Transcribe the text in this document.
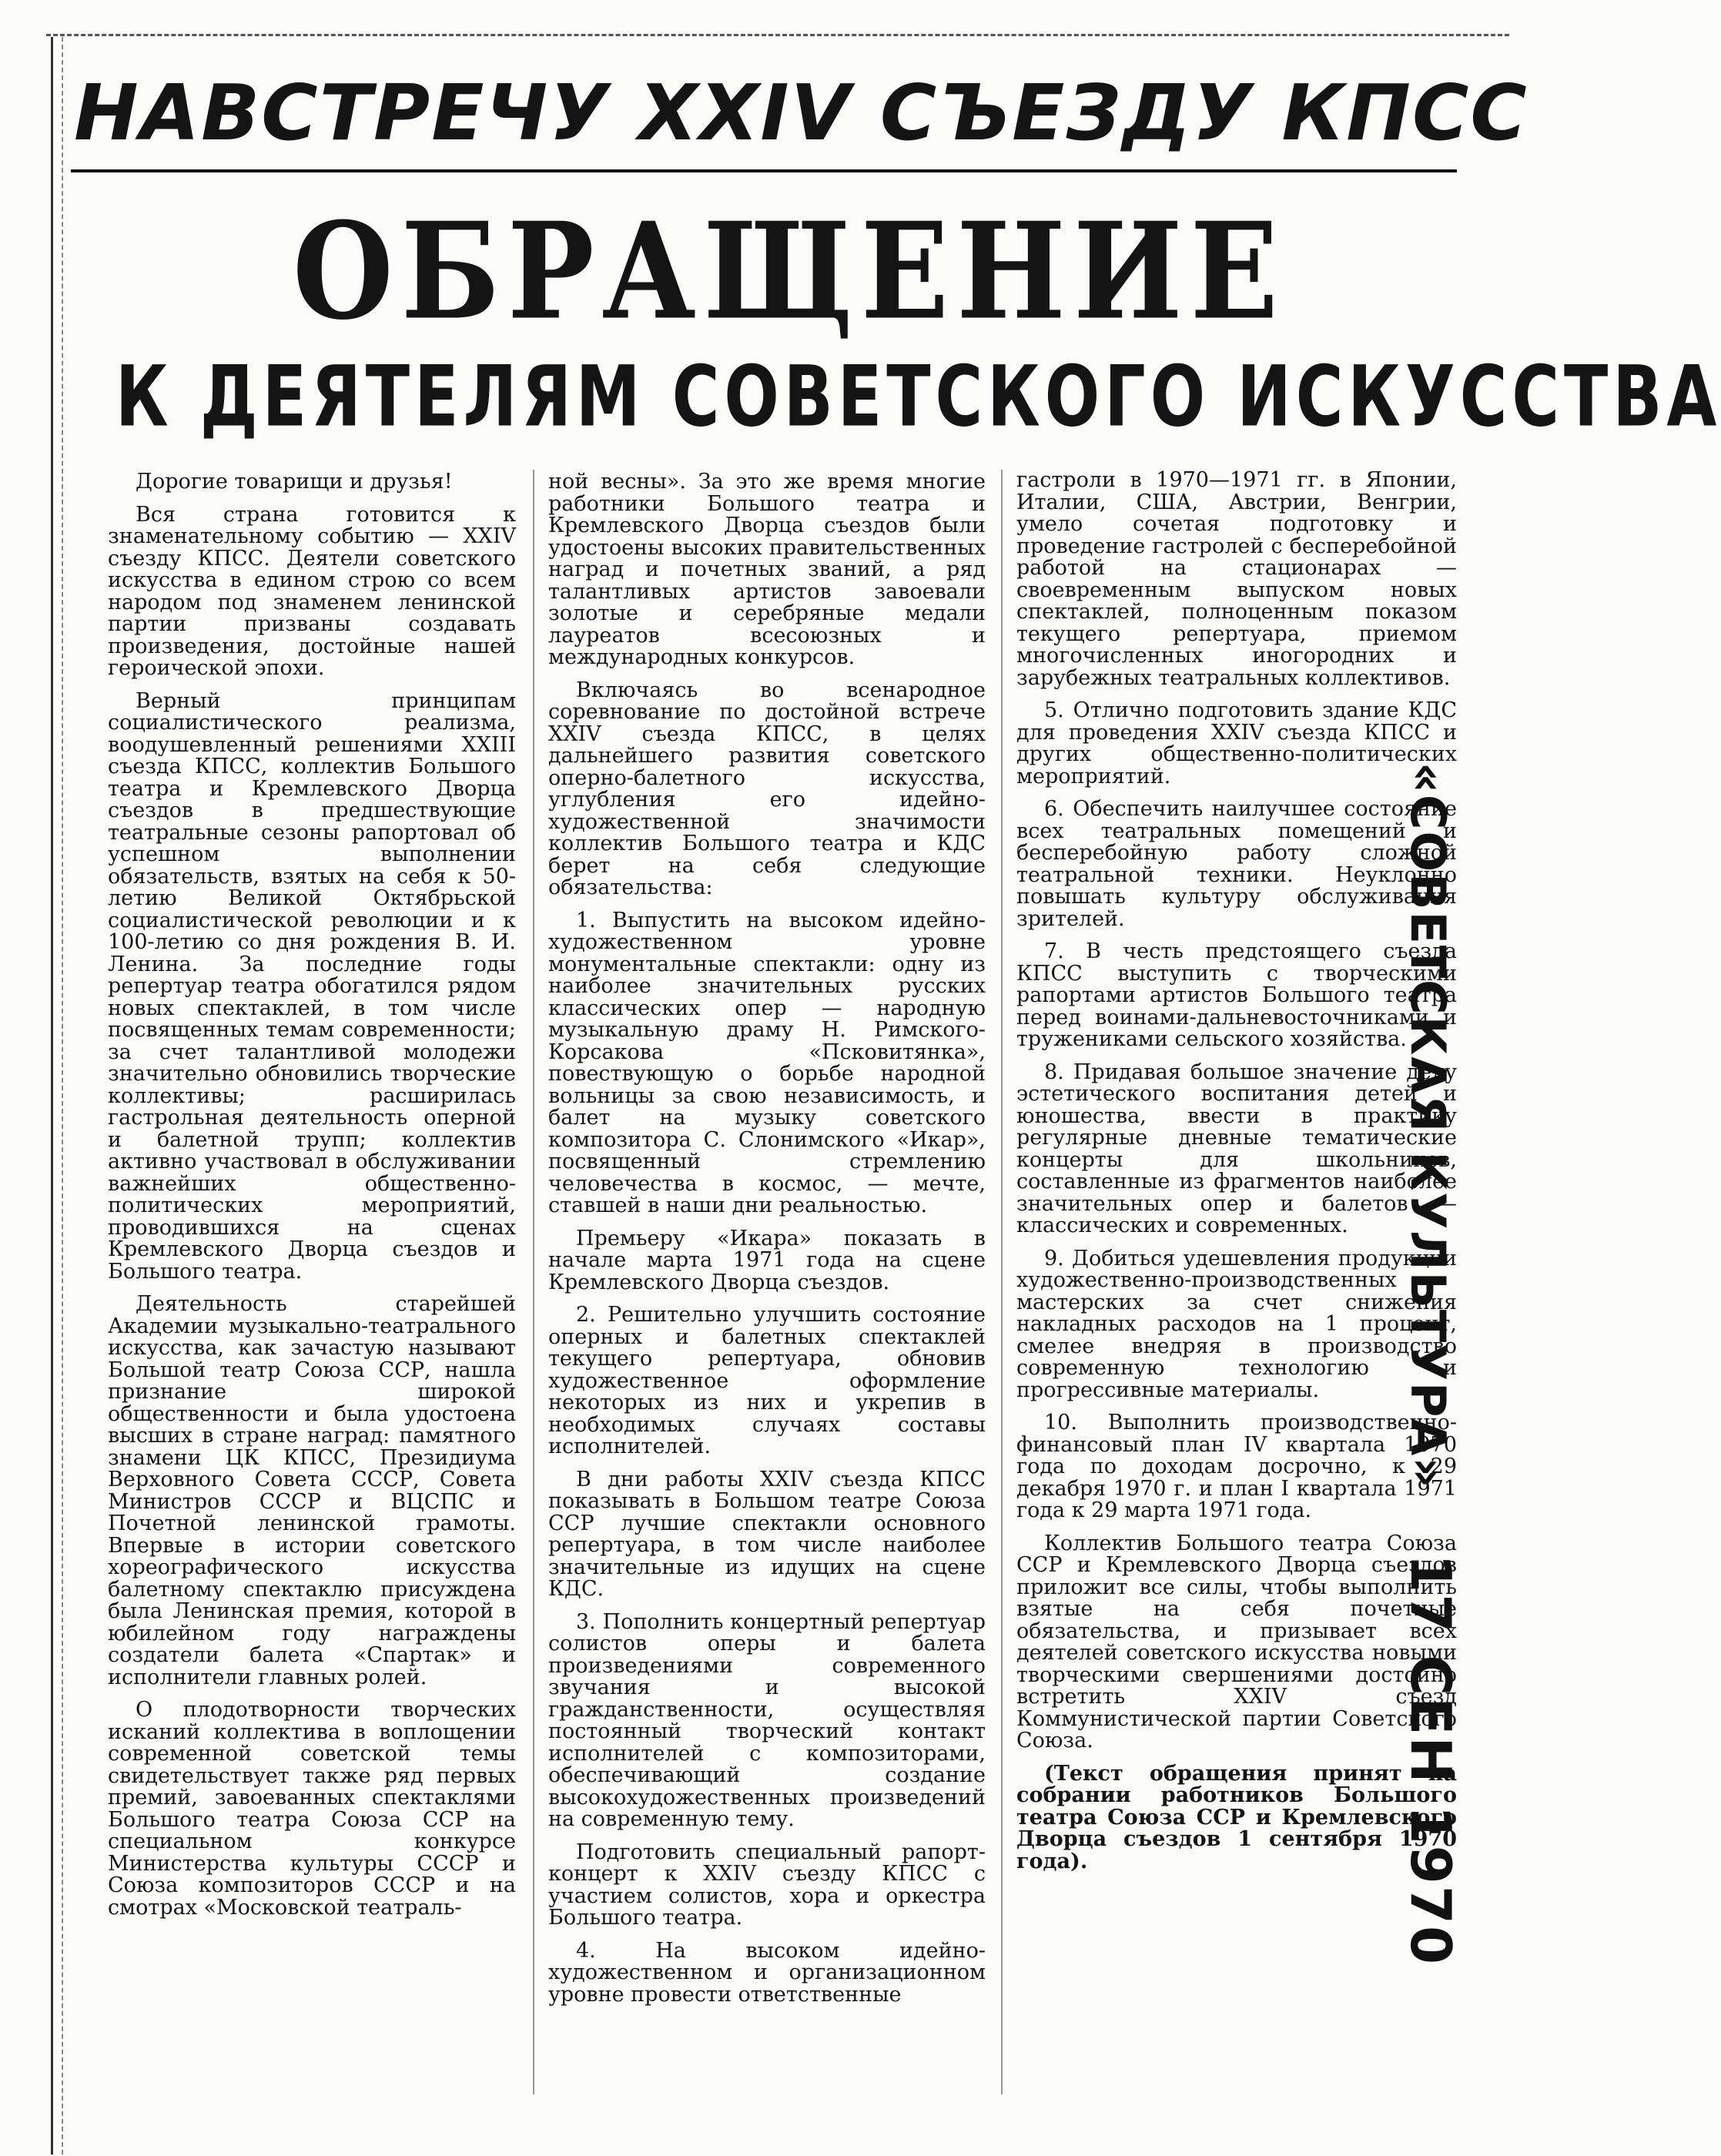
НАВСТРЕЧУ XXIV СЪЕЗДУ КПСС
ОБРАЩЕНИЕ
К ДЕЯТЕЛЯМ СОВЕТСКОГО ИСКУССТВА

Дорогие товарищи и друзья!

Вся страна готовится к знаменательному событию — XXIV съезду КПСС. Деятели советского искусства в едином строю со всем народом под знаменем ленинской партии призваны создавать произведения, достойные нашей героической эпохи.

Верный принципам социалистического реализма, воодушевленный решениями XXIII съезда КПСС, коллектив Большого театра и Кремлевского Дворца съездов в предшествующие театральные сезоны рапортовал об успешном выполнении обязательств, взятых на себя к 50-летию Великой Октябрьской социалистической революции и к 100-летию со дня рождения В. И. Ленина. За последние годы репертуар театра обогатился рядом новых спектаклей, в том числе посвященных темам современности; за счет талантливой молодежи значительно обновились творческие коллективы; расширилась гастрольная деятельность оперной и балетной трупп; коллектив активно участвовал в обслуживании важнейших общественно-политических мероприятий, проводившихся на сценах Кремлевского Дворца съездов и Большого театра.

Деятельность старейшей Академии музыкально-театрального искусства, как зачастую называют Большой театр Союза ССР, нашла признание широкой общественности и была удостоена высших в стране наград: памятного знамени ЦК КПСС, Президиума Верховного Совета СССР, Совета Министров СССР и ВЦСПС и Почетной ленинской грамоты. Впервые в истории советского хореографического искусства балетному спектаклю присуждена была Ленинская премия, которой в юбилейном году награждены создатели балета «Спартак» и исполнители главных ролей.

О плодотворности творческих исканий коллектива в воплощении современной советской темы свидетельствует также ряд первых премий, завоеванных спектаклями Большого театра Союза ССР на специальном конкурсе Министерства культуры СССР и Союза композиторов СССР и на смотрах «Московской театраль-

ной весны». За это же время многие работники Большого театра и Кремлевского Дворца съездов были удостоены высоких правительственных наград и почетных званий, а ряд талантливых артистов завоевали золотые и серебряные медали лауреатов всесоюзных и международных конкурсов.

Включаясь во всенародное соревнование по достойной встрече XXIV съезда КПСС, в целях дальнейшего развития советского оперно-балетного искусства, углубления его идейно-художественной значимости коллектив Большого театра и КДС берет на себя следующие обязательства:

1. Выпустить на высоком идейно-художественном уровне монументальные спектакли: одну из наиболее значительных русских классических опер — народную музыкальную драму Н. Римского-Корсакова «Псковитянка», повествующую о борьбе народной вольницы за свою независимость, и балет на музыку советского композитора С. Слонимского «Икар», посвященный стремлению человечества в космос, — мечте, ставшей в наши дни реальностью.

Премьеру «Икара» показать в начале марта 1971 года на сцене Кремлевского Дворца съездов.

2. Решительно улучшить состояние оперных и балетных спектаклей текущего репертуара, обновив художественное оформление некоторых из них и укрепив в необходимых случаях составы исполнителей.

В дни работы XXIV съезда КПСС показывать в Большом театре Союза ССР лучшие спектакли основного репертуара, в том числе наиболее значительные из идущих на сцене КДС.

3. Пополнить концертный репертуар солистов оперы и балета произведениями современного звучания и высокой гражданственности, осуществляя постоянный творческий контакт исполнителей с композиторами, обеспечивающий создание высокохудожественных произведений на современную тему.

Подготовить специальный рапорт-концерт к XXIV съезду КПСС с участием солистов, хора и оркестра Большого театра.

4. На высоком идейно-художественном и организационном уровне провести ответственные

гастроли в 1970—1971 гг. в Японии, Италии, США, Австрии, Венгрии, умело сочетая подготовку и проведение гастролей с бесперебойной работой на стационарах — своевременным выпуском новых спектаклей, полноценным показом текущего репертуара, приемом многочисленных иногородних и зарубежных театральных коллективов.

5. Отлично подготовить здание КДС для проведения XXIV съезда КПСС и других общественно-политических мероприятий.

6. Обеспечить наилучшее состояние всех театральных помещений и бесперебойную работу сложной театральной техники. Неуклонно повышать культуру обслуживания зрителей.

7. В честь предстоящего съезда КПСС выступить с творческими рапортами артистов Большого театра перед воинами-дальневосточниками и тружениками сельского хозяйства.

8. Придавая большое значение делу эстетического воспитания детей и юношества, ввести в практику регулярные дневные тематические концерты для школьников, составленные из фрагментов наиболее значительных опер и балетов — классических и современных.

9. Добиться удешевления продукции художественно-производственных мастерских за счет снижения накладных расходов на 1 процент, смелее внедряя в производство современную технологию и прогрессивные материалы.

10. Выполнить производственно-финансовый план IV квартала 1970 года по доходам досрочно, к 29 декабря 1970 г. и план I квартала 1971 года к 29 марта 1971 года.

Коллектив Большого театра Союза ССР и Кремлевского Дворца съездов приложит все силы, чтобы выполнить взятые на себя почетные обязательства, и призывает всех деятелей советского искусства новыми творческими свершениями достойно встретить XXIV съезд Коммунистической партии Советского Союза.

(Текст обращения принят на собрании работников Большого театра Союза ССР и Кремлевского Дворца съездов 1 сентября 1970 года).

«СОВЕТСКАЯ КУЛЬТУРА» 17 СЕН 1970
